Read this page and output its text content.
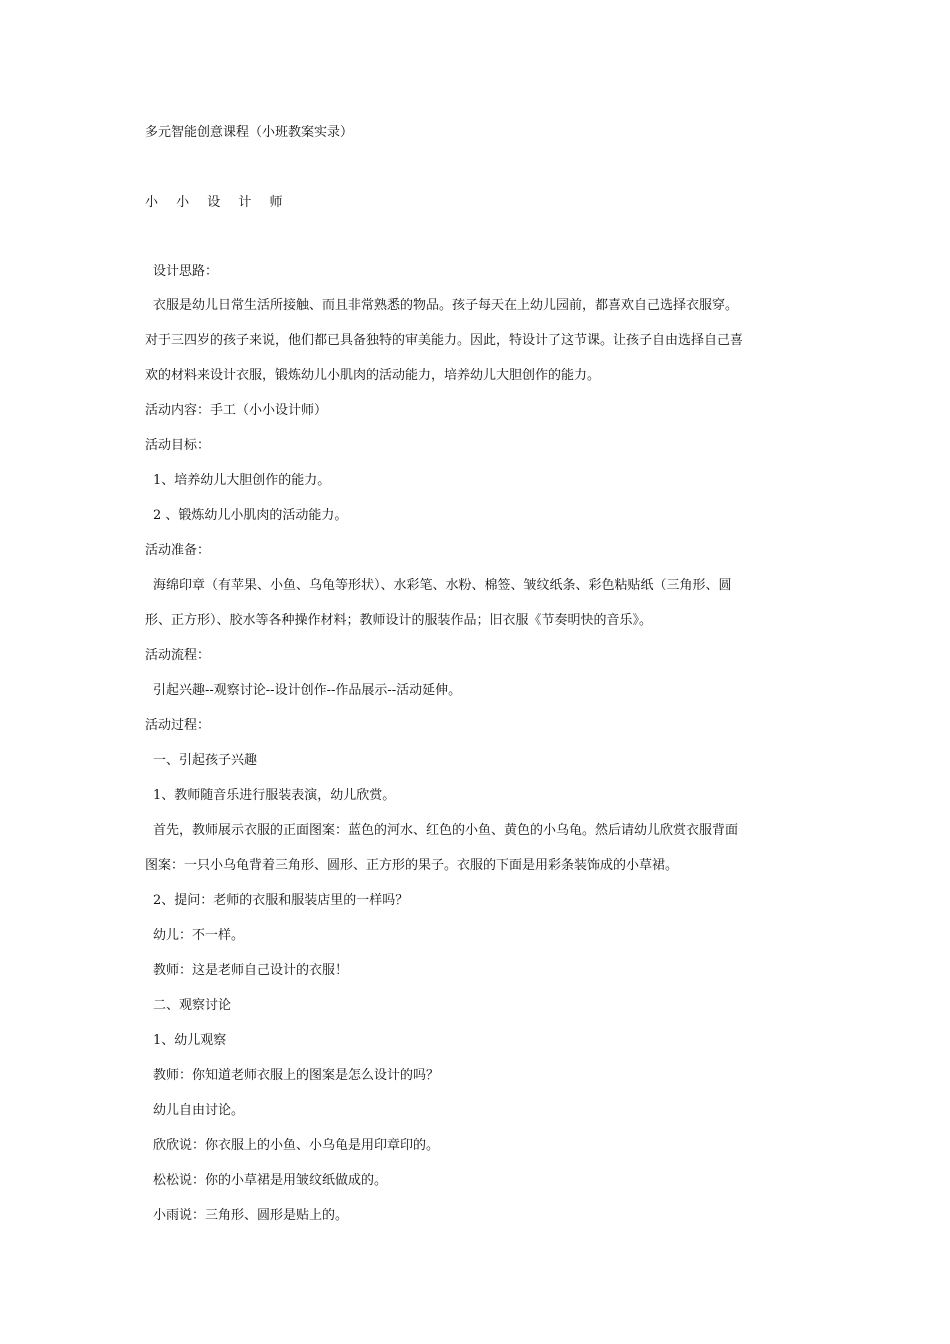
多元智能创意课程（小班教案实录）
小 小 设 计 师
设计思路：
衣服是幼儿日常生活所接触、而且非常熟悉的物品。孩子每天在上幼儿园前，都喜欢自己选择衣服穿。
对于三四岁的孩子来说，他们都已具备独特的审美能力。因此，特设计了这节课。让孩子自由选择自己喜
欢的材料来设计衣服，锻炼幼儿小肌肉的活动能力，培养幼儿大胆创作的能力。
活动内容：手工（小小设计师）
活动目标：
1、培养幼儿大胆创作的能力。
2 、锻炼幼儿小肌肉的活动能力。
活动准备：
海绵印章（有苹果、小鱼、乌龟等形状）、水彩笔、水粉、棉签、皱纹纸条、彩色粘贴纸（三角形、圆
形、正方形）、胶水等各种操作材料；教师设计的服装作品；旧衣服《节奏明快的音乐》。
活动流程：
引起兴趣--观察讨论--设计创作--作品展示--活动延伸。
活动过程：
一、引起孩子兴趣
1、教师随音乐进行服装表演，幼儿欣赏。
首先，教师展示衣服的正面图案：蓝色的河水、红色的小鱼、黄色的小乌龟。然后请幼儿欣赏衣服背面
图案：一只小乌龟背着三角形、圆形、正方形的果子。衣服的下面是用彩条装饰成的小草裙。
2、提问：老师的衣服和服装店里的一样吗？
幼儿：不一样。
教师：这是老师自己设计的衣服！
二、观察讨论
1、幼儿观察
教师：你知道老师衣服上的图案是怎么设计的吗？
幼儿自由讨论。
欣欣说：你衣服上的小鱼、小乌龟是用印章印的。
松松说：你的小草裙是用皱纹纸做成的。
小雨说：三角形、圆形是贴上的。
